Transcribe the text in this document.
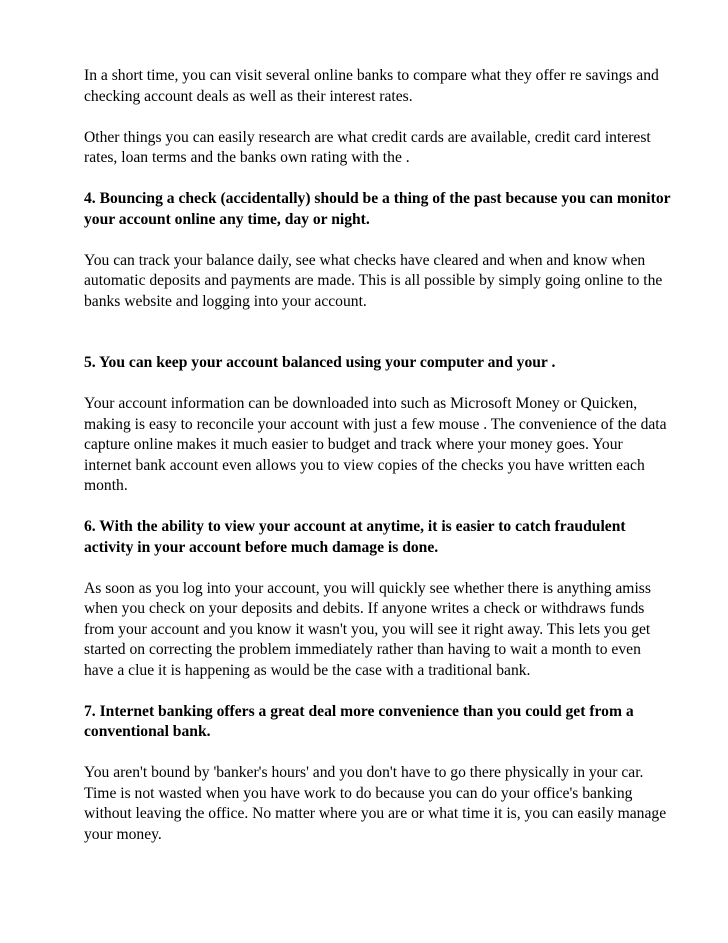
In a short time, you can visit several online banks to compare what they offer re savings and checking account deals as well as their interest rates.

Other things you can easily research are what credit cards are available, credit card interest rates, loan terms and the banks own rating with the .

4. Bouncing a check (accidentally) should be a thing of the past because you can monitor your account online any time, day or night.

You can track your balance daily, see what checks have cleared and when and know when automatic deposits and payments are made. This is all possible by simply going online to the banks website and logging into your account.

5. You can keep your account balanced using your computer and your .

Your account information can be downloaded into such as Microsoft Money or Quicken, making is easy to reconcile your account with just a few mouse . The convenience of the data capture online makes it much easier to budget and track where your money goes. Your internet bank account even allows you to view copies of the checks you have written each month.

6. With the ability to view your account at anytime, it is easier to catch fraudulent activity in your account before much damage is done.

As soon as you log into your account, you will quickly see whether there is anything amiss when you check on your deposits and debits. If anyone writes a check or withdraws funds from your account and you know it wasn't you, you will see it right away. This lets you get started on correcting the problem immediately rather than having to wait a month to even have a clue it is happening as would be the case with a traditional bank.

7. Internet banking offers a great deal more convenience than you could get from a conventional bank.

You aren't bound by 'banker's hours' and you don't have to go there physically in your car. Time is not wasted when you have work to do because you can do your office's banking without leaving the office. No matter where you are or what time it is, you can easily manage your money.
